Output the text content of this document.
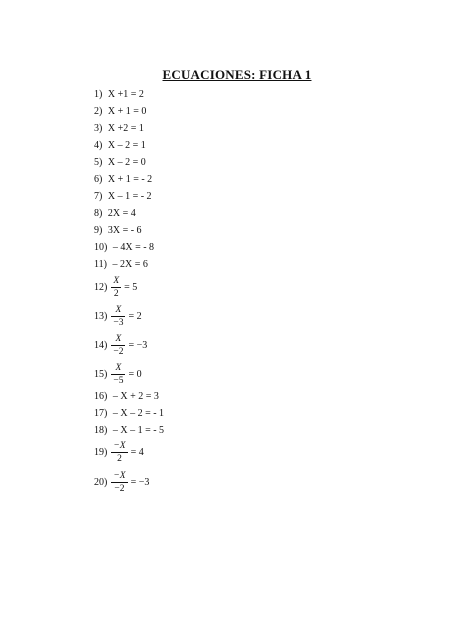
ECUACIONES: FICHA 1
1) X +1 = 2
2) X + 1 = 0
3) X +2 = 1
4) X – 2 = 1
5) X – 2 = 0
6) X + 1 = - 2
7) X – 1 = - 2
8) 2X = 4
9) 3X = - 6
10) – 4X = - 8
11) – 2X = 6
$12) \frac{X}{2} = 5$
$13) \frac{X}{-3} = 2$
$14) \frac{X}{-2} = -3$
$15) \frac{X}{-5} = 0$
16) – X + 2 = 3
17) – X – 2 = - 1
18) – X – 1 = - 5
$19) \frac{-X}{2} = 4$
$20) \frac{-X}{-2} = -3$
